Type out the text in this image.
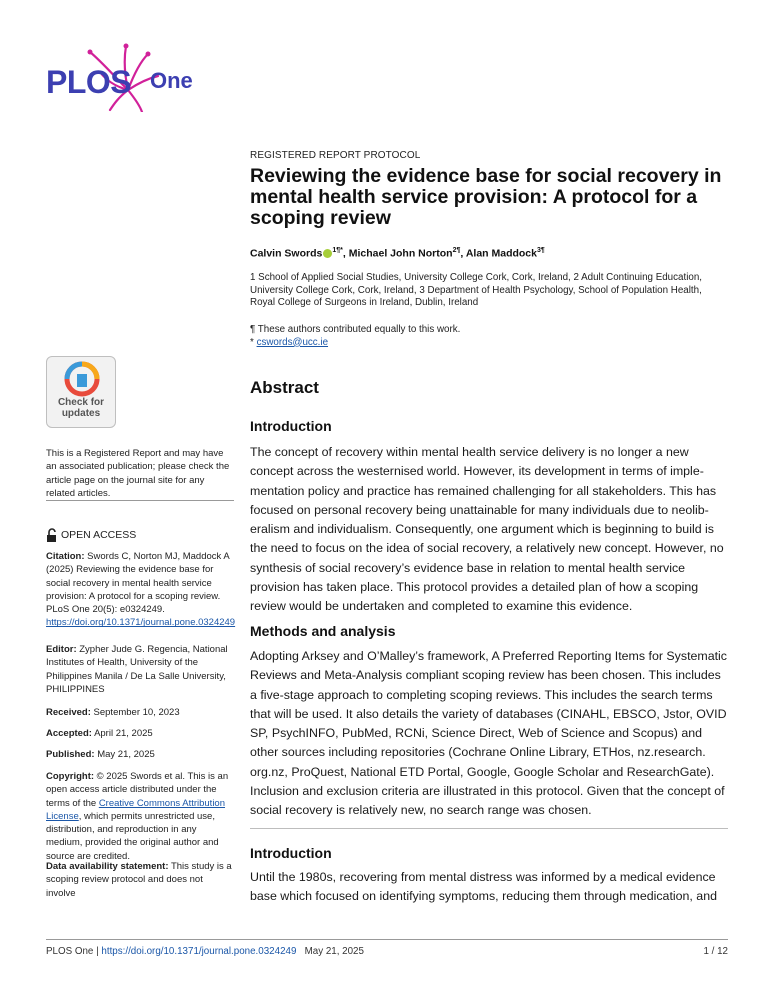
PLOS One
Check for
updates
This is a Registered Report and may have an associated publication; please check the article page on the journal site for any related articles.
OPEN ACCESS
Citation: Swords C, Norton MJ, Maddock A (2025) Reviewing the evidence base for social recovery in mental health service provision: A protocol for a scoping review. PLoS One 20(5): e0324249. https://doi.org/10.1371/journal.pone.0324249
Editor: Zypher Jude G. Regencia, National Institutes of Health, University of the Philippines Manila / De La Salle University, PHILIPPINES
Received: September 10, 2023
Accepted: April 21, 2025
Published: May 21, 2025
Copyright: © 2025 Swords et al. This is an open access article distributed under the terms of the Creative Commons Attribution License, which permits unrestricted use, distribution, and reproduction in any medium, provided the original author and source are credited.
Data availability statement: This study is a scoping review protocol and does not involve
REGISTERED REPORT PROTOCOL
Reviewing the evidence base for social recovery in mental health service provision: A protocol for a scoping review
Calvin Swords $^{1\P*}$, Michael John Norton$^{2\P}$, Alan Maddock$^{3\P}$
1 School of Applied Social Studies, University College Cork, Cork, Ireland, 2 Adult Continuing Education, University College Cork, Cork, Ireland, 3 Department of Health Psychology, School of Population Health, Royal College of Surgeons in Ireland, Dublin, Ireland
¶ These authors contributed equally to this work.
* cswords@ucc.ie
Abstract
Introduction
The concept of recovery within mental health service delivery is no longer a new concept across the westernised world. However, its development in terms of imple-mentation policy and practice has remained challenging for all stakeholders. This has focused on personal recovery being unattainable for many individuals due to neolib-eralism and individualism. Consequently, one argument which is beginning to build is the need to focus on the idea of social recovery, a relatively new concept. However, no synthesis of social recovery’s evidence base in relation to mental health service provision has taken place. This protocol provides a detailed plan of how a scoping review would be undertaken and completed to examine this evidence.
Methods and analysis
Adopting Arksey and O’Malley’s framework, A Preferred Reporting Items for Systematic Reviews and Meta-Analysis compliant scoping review has been chosen. This includes a five-stage approach to completing scoping reviews. This includes the search terms that will be used. It also details the variety of databases (CINAHL, EBSCO, Jstor, OVID SP, PsychINFO, PubMed, RCNi, Science Direct, Web of Science and Scopus) and other sources including repositories (Cochrane Online Library, ETHos, nz.research. org.nz, ProQuest, National ETD Portal, Google, Google Scholar and ResearchGate). Inclusion and exclusion criteria are illustrated in this protocol. Given that the concept of social recovery is relatively new, no search range was chosen.
Introduction
Until the 1980s, recovering from mental distress was informed by a medical evidence base which focused on identifying symptoms, reducing them through medication, and
PLOS One | https://doi.org/10.1371/journal.pone.0324249 May 21, 2025	1 / 12
